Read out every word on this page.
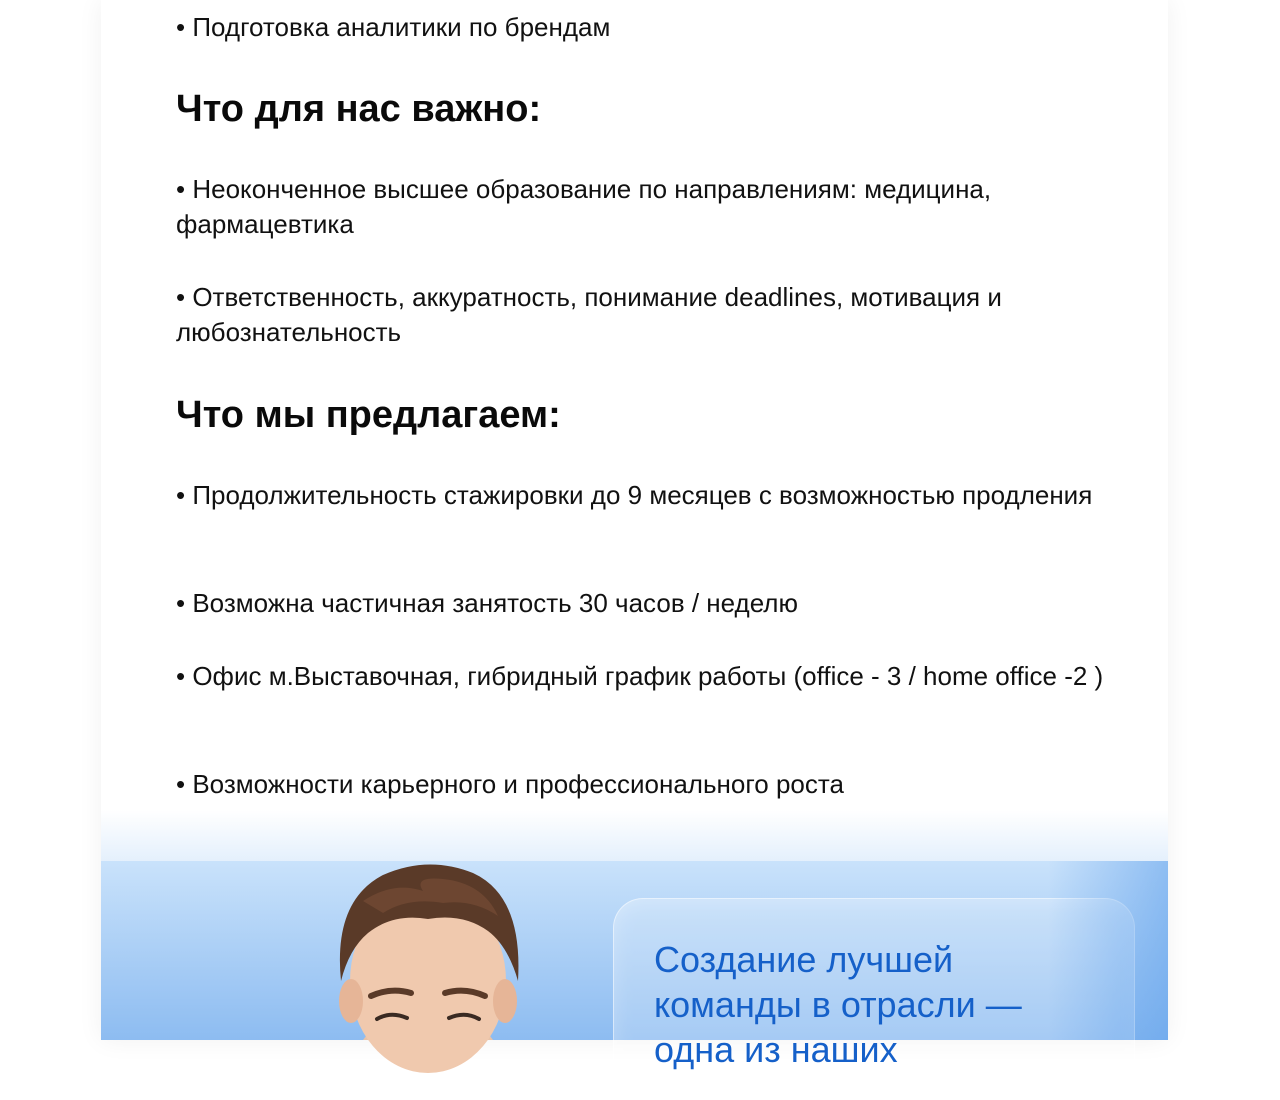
• Подготовка аналитики по брендам

Что для нас важно:

• Неоконченное высшее образование по направлениям: медицина, фармацевтика

• Ответственность, аккуратность, понимание deadlines, мотивация и любознательность

Что мы предлагаем:

• Продолжительность стажировки до 9 месяцев с возможностью продления

• Возможна частичная занятость 30 часов / неделю

• Офис м.Выставочная, гибридный график работы (office - 3 / home office -2 )

• Возможности карьерного и профессионального роста

Создание лучшей команды в отрасли — одна из наших
